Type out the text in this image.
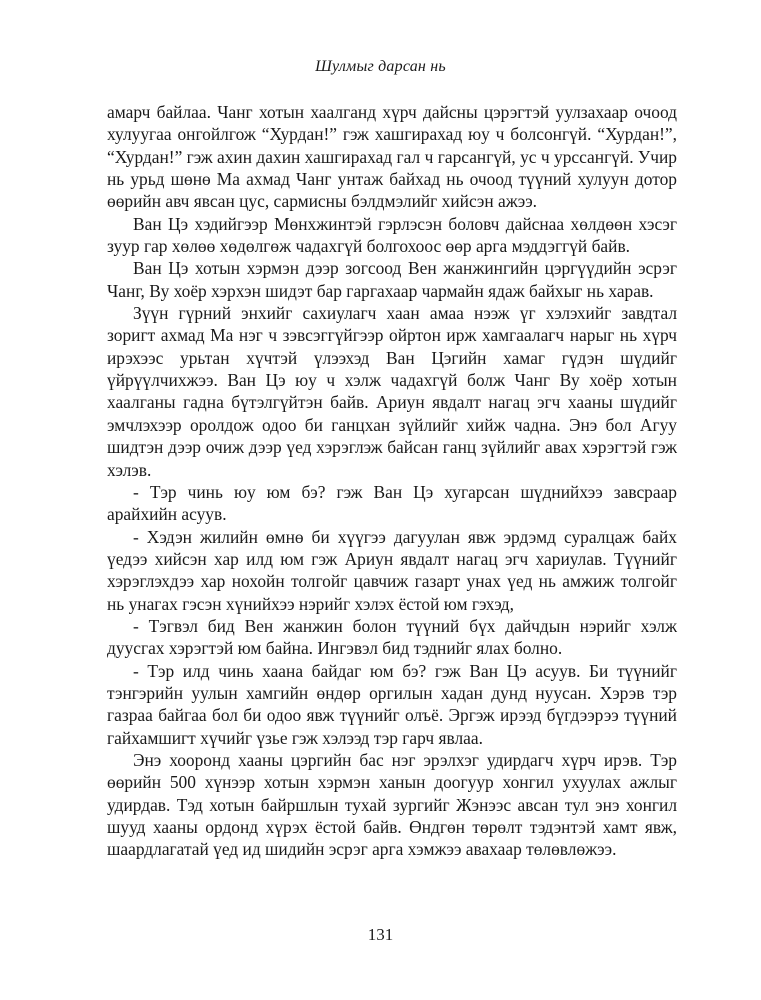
Шулмыг дарсан нь

амарч байлаа. Чанг хотын хаалганд хүрч дайсны цэрэгтэй уулзахаар очоод хулуугаа онгойлгож “Хурдан!” гэж хашгирахад юу ч болсонгүй. “Хурдан!”, “Хурдан!” гэж ахин дахин хашгирахад гал ч гарсангүй, ус ч урссангүй. Учир нь урьд шөнө Ма ахмад Чанг унтаж байхад нь очоод түүний хулуун дотор өөрийн авч явсан цус, сармисны бэлдмэлийг хийсэн ажээ.

Ван Цэ хэдийгээр Мөнхжинтэй гэрлэсэн боловч дайснаа хөлдөөн хэсэг зуур гар хөлөө хөдөлгөж чадахгүй болгохоос өөр арга мэддэггүй байв.

Ван Цэ хотын хэрмэн дээр зогсоод Вен жанжингийн цэргүүдийн эсрэг Чанг, Ву хоёр хэрхэн шидэт бар гаргахаар чармайн ядаж байхыг нь харав.

Зүүн гүрний энхийг сахиулагч хаан амаа нээж үг хэлэхийг завдтал зоригт ахмад Ма нэг ч зэвсэггүйгээр ойртон ирж хамгаалагч нарыг нь хүрч ирэхээс урьтан хүчтэй үлээхэд Ван Цэгийн хамаг гүдэн шүдийг үйрүүлчихжээ. Ван Цэ юу ч хэлж чадахгүй болж Чанг Ву хоёр хотын хаалганы гадна бүтэлгүйтэн байв. Ариун явдалт нагац эгч хааны шүдийг эмчлэхээр оролдож одоо би ганцхан зүйлийг хийж чадна. Энэ бол Агуу шидтэн дээр очиж дээр үед хэрэглэж байсан ганц зүйлийг авах хэрэгтэй гэж хэлэв.

- Тэр чинь юу юм бэ? гэж Ван Цэ хугарсан шүднийхээ завсраар арайхийн асуув.

- Хэдэн жилийн өмнө би хүүгээ дагуулан явж эрдэмд суралцаж байх үедээ хийсэн хар илд юм гэж Ариун явдалт нагац эгч хариулав. Түүнийг хэрэглэхдээ хар нохойн толгойг цавчиж газарт унах үед нь амжиж толгойг нь унагах гэсэн хүнийхээ нэрийг хэлэх ёстой юм гэхэд,

- Тэгвэл бид Вен жанжин болон түүний бүх дайчдын нэрийг хэлж дуусгах хэрэгтэй юм байна. Ингэвэл бид тэднийг ялах болно.

- Тэр илд чинь хаана байдаг юм бэ? гэж Ван Цэ асуув. Би түүнийг тэнгэрийн уулын хамгийн өндөр оргилын хадан дунд нуусан. Хэрэв тэр газраа байгаа бол би одоо явж түүнийг олъё. Эргэж ирээд бүгдээрээ түүний гайхамшигт хүчийг үзье гэж хэлээд тэр гарч явлаа.

Энэ хооронд хааны цэргийн бас нэг эрэлхэг удирдагч хүрч ирэв. Тэр өөрийн 500 хүнээр хотын хэрмэн ханын доогуур хонгил ухуулах ажлыг удирдав. Тэд хотын байршлын тухай зургийг Жэнээс авсан тул энэ хонгил шууд хааны ордонд хүрэх ёстой байв. Өндгөн төрөлт тэдэнтэй хамт явж, шаардлагатай үед ид шидийн эсрэг арга хэмжээ авахаар төлөвлөжээ.

131
